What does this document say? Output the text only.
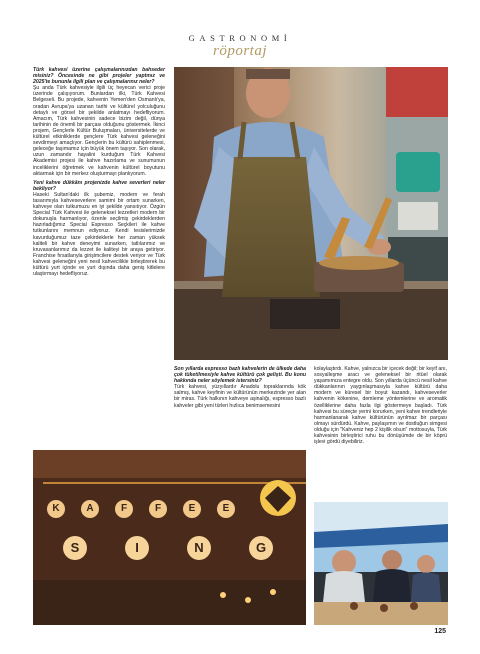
GASTRONOMİ
röportaj

Türk kahvesi üzerine çalışmalarınızdan bahseder misiniz? Öncesinde ne gibi projeler yaptınız ve 2025'te bununla ilgili plan ve çalışmalarınız neler?

Şu anda Türk kahvesiyle ilgili üç heyecan verici proje üzerinde çalışıyorum. Bunlardan ilki, Türk Kahvesi Belgeseli. Bu projede, kahvenin Yemen'den Osmanlı'ya, oradan Avrupa'ya uzanan tarihi ve kültürel yolculuğunu detaylı ve görsel bir şekilde anlatmayı hedefliyorum. Amacım, Türk kahvesinin sadece bizim değil, dünya tarihinin de önemli bir parçası olduğunu göstermek. İkinci projem, Gençlerle Kültür Buluşmaları, üniversitelerde ve kültürel etkinliklerde gençlere Türk kahvesi geleneğini sevdirmeyi amaçlıyor. Gençlerin bu kültürü sahiplenmesi, geleceğe taşımamız için büyük önem taşıyor. Son olarak, uzun zamandır hayalini kurduğum Türk Kahvesi Akademisi projesi ile kahve hazırlama ve sunumunun inceliklerini öğretmek ve kahvenin kültürel boyutunu aktarmak için bir merkez oluşturmayı planlıyorum.

Yeni kahve dükkânı projenizde kahve severleri neler bekliyor?

Haseki Sultan'daki ilk şubemiz, modern ve ferah tasarımıyla kahveseverlere samimi bir ortam sunarken, kahveye olan tutkumuzu en iyi şekilde yansıtıyor. Özgün Special Türk Kahvesi ile geleneksel lezzetleri modern bir dokunuşla harmanlıyor, özenle seçilmiş çekirdeklerden hazırladığımız Special Espresso Seçkileri ile kahve tutkunlarını memnun ediyoruz. Kendi tesislerimizde kavurduğumuz taze çekirdeklerle her zaman yüksek kaliteli bir kahve deneyimi sunarken, tatlılarımız ve kruvasanlarımız da lezzet ile kaliteyi bir araya getiriyor. Franchise fırsatlarıyla girişimcilere destek veriyor ve Türk kahvesi geleneğini yeni nesil kahvecilikle birleştirerek bu kültürü yurt içinde ve yurt dışında daha geniş kitlelere ulaştırmayı hedefliyoruz.

Son yıllarda espresso bazlı kahvelerin de ülkede daha çok tüketilmesiyle kahve kültürü çok gelişti. Bu konu hakkında neler söylemek istersiniz?

Türk kahvesi, yüzyıllardır Anadolu topraklarında kök salmış, kahve keyfinin ve kültürünün merkezinde yer alan bir miras. Türk halkının kahveye aşinalığı, espresso bazlı kahveler gibi yeni türleri hızlıca benimsemesini

kolaylaştırdı. Kahve, yalnızca bir içecek değil; bir keyif anı, sosyalleşme aracı ve geleneksel bir ritüel olarak yaşamımıza entegre oldu. Son yıllarda üçüncü nesil kahve dükkanlarının yaygınlaşmasıyla kahve kültürü daha modern ve küresel bir boyut kazandı, kahveseverler kahvenin kökenine, demleme yöntemlerine ve aromatik özelliklerine daha fazla ilgi göstermeye başladı. Türk kahvesi bu süreçte yerini korurken, yeni kahve trendleriyle harmanlanarak kahve kültürünün ayrılmaz bir parçası olmayı sürdürdü. Kahve, paylaşımın ve dostluğun simgesi olduğu için "Kahveniz hep 2 kişilik olsun" mottosuyla, Türk kahvesinin birleştirici ruhu bu dönüşümde de bir köprü işlevi gördü diyebiliriz.

K	A	F	F	E	E
S	I	N	G
125
